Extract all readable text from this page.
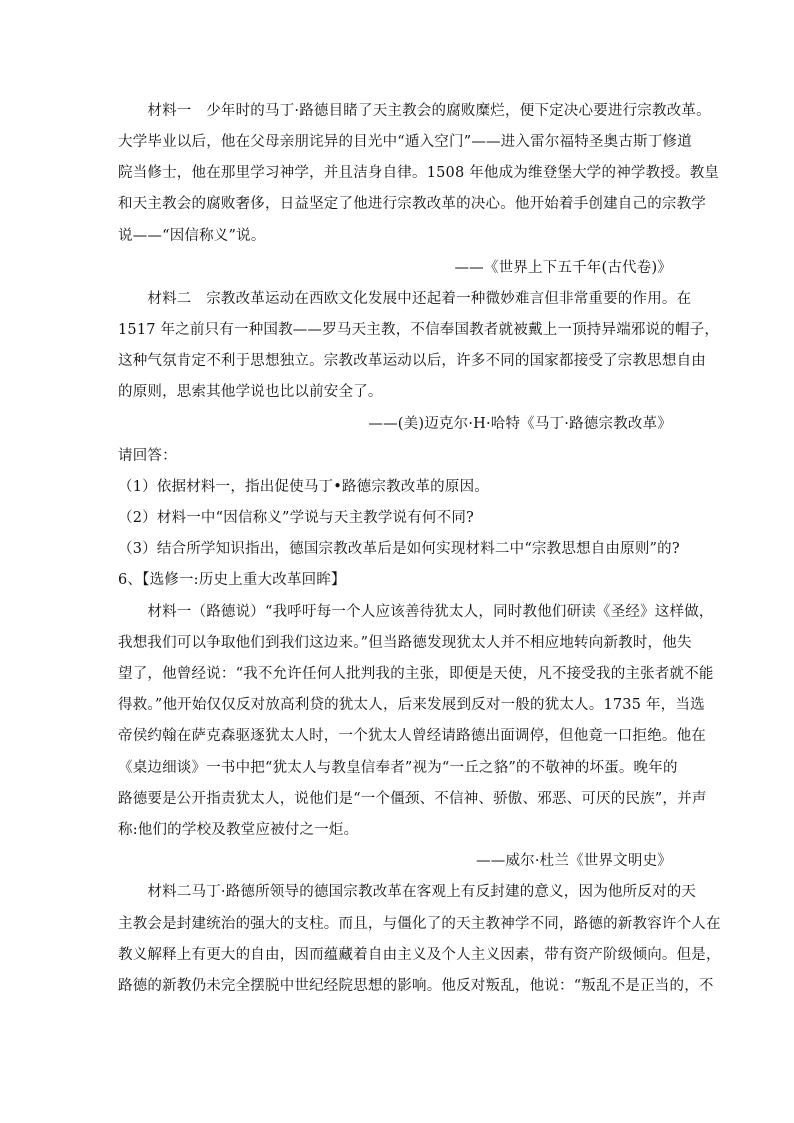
　　材料一　少年时的马丁·路德目睹了天主教会的腐败糜烂，便下定决心要进行宗教改革。
大学毕业以后，他在父母亲朋诧异的目光中“遁入空门”——进入雷尔福特圣奥古斯丁修道
院当修士，他在那里学习神学，并且洁身自律。1508 年他成为维登堡大学的神学教授。教皇
和天主教会的腐败奢侈，日益坚定了他进行宗教改革的决心。他开始着手创建自己的宗教学
说——“因信称义”说。
——《世界上下五千年(古代卷)》
　　材料二　宗教改革运动在西欧文化发展中还起着一种微妙难言但非常重要的作用。在
1517 年之前只有一种国教——罗马天主教，不信奉国教者就被戴上一顶持异端邪说的帽子，
这种气氛肯定不利于思想独立。宗教改革运动以后，许多不同的国家都接受了宗教思想自由
的原则，思索其他学说也比以前安全了。
——(美)迈克尔·H·哈特《马丁·路德宗教改革》
请回答：
（1）依据材料一，指出促使马丁•路德宗教改革的原因。
（2）材料一中“因信称义”学说与天主教学说有何不同?
（3）结合所学知识指出，德国宗教改革后是如何实现材料二中“宗教思想自由原则”的?
6、【选修一:历史上重大改革回眸】
　　材料一（路德说）“我呼吁每一个人应该善待犹太人，同时教他们研读《圣经》这样做，
我想我们可以争取他们到我们这边来。”但当路德发现犹太人并不相应地转向新教时，他失
望了，他曾经说：“我不允许任何人批判我的主张，即便是天使，凡不接受我的主张者就不能
得救。”他开始仅仅反对放高利贷的犹太人，后来发展到反对一般的犹太人。1735 年，当选
帝侯约翰在萨克森驱逐犹太人时，一个犹太人曾经请路德出面调停，但他竟一口拒绝。他在
《桌边细谈》一书中把“犹太人与教皇信奉者”视为“一丘之貉”的不敬神的坏蛋。晚年的
路德要是公开指责犹太人，说他们是“一个僵颈、不信神、骄傲、邪恶、可厌的民族”，并声
称:他们的学校及教堂应被付之一炬。
——威尔·杜兰《世界文明史》
　　材料二马丁·路德所领导的德国宗教改革在客观上有反封建的意义，因为他所反对的天
主教会是封建统治的强大的支柱。而且，与僵化了的天主教神学不同，路德的新教容许个人在
教义解释上有更大的自由，因而蕴藏着自由主义及个人主义因素，带有资产阶级倾向。但是，
路德的新教仍未完全摆脱中世纪经院思想的影响。他反对叛乱，他说：“叛乱不是正当的，不
